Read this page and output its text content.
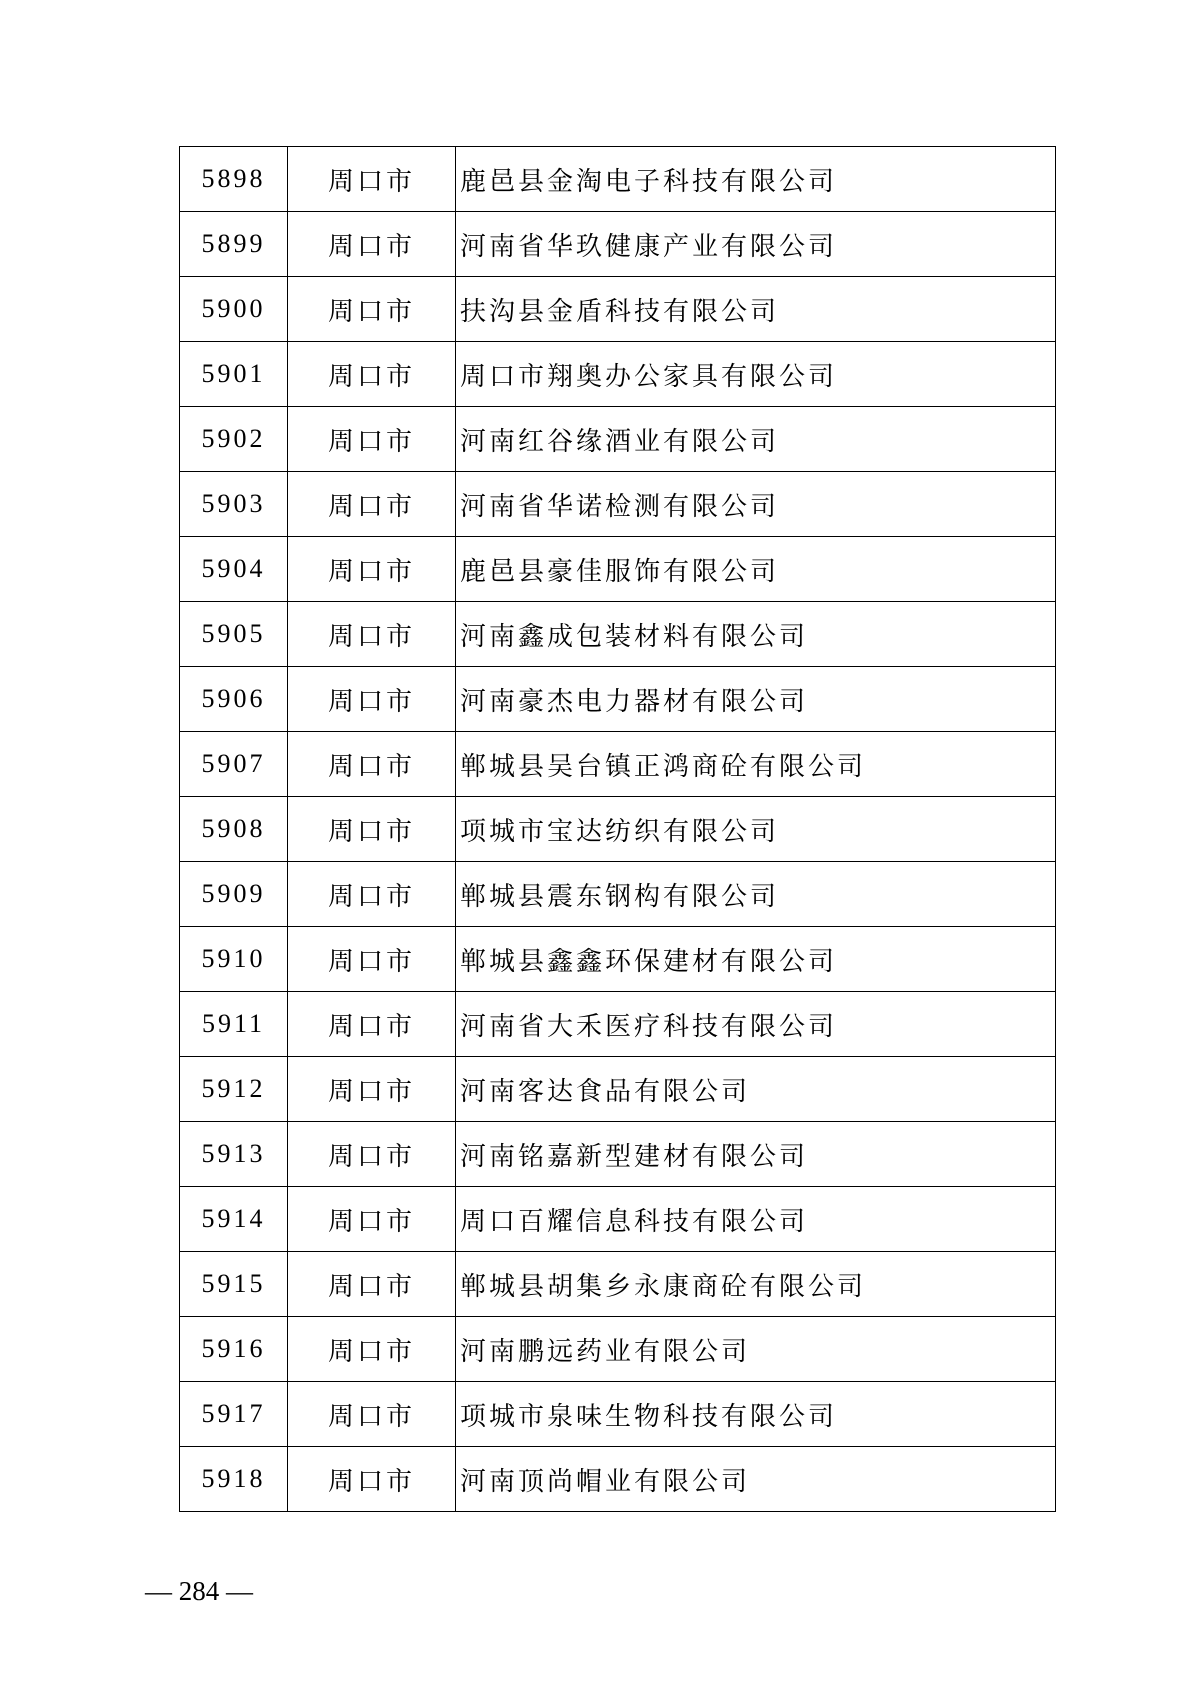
5898	周口市	鹿邑县金淘电子科技有限公司
5899	周口市	河南省华玖健康产业有限公司
5900	周口市	扶沟县金盾科技有限公司
5901	周口市	周口市翔奥办公家具有限公司
5902	周口市	河南红谷缘酒业有限公司
5903	周口市	河南省华诺检测有限公司
5904	周口市	鹿邑县豪佳服饰有限公司
5905	周口市	河南鑫成包装材料有限公司
5906	周口市	河南豪杰电力器材有限公司
5907	周口市	郸城县吴台镇正鸿商砼有限公司
5908	周口市	项城市宝达纺织有限公司
5909	周口市	郸城县震东钢构有限公司
5910	周口市	郸城县鑫鑫环保建材有限公司
5911	周口市	河南省大禾医疗科技有限公司
5912	周口市	河南客达食品有限公司
5913	周口市	河南铭嘉新型建材有限公司
5914	周口市	周口百耀信息科技有限公司
5915	周口市	郸城县胡集乡永康商砼有限公司
5916	周口市	河南鹏远药业有限公司
5917	周口市	项城市泉味生物科技有限公司
5918	周口市	河南顶尚帽业有限公司
— 284 —
